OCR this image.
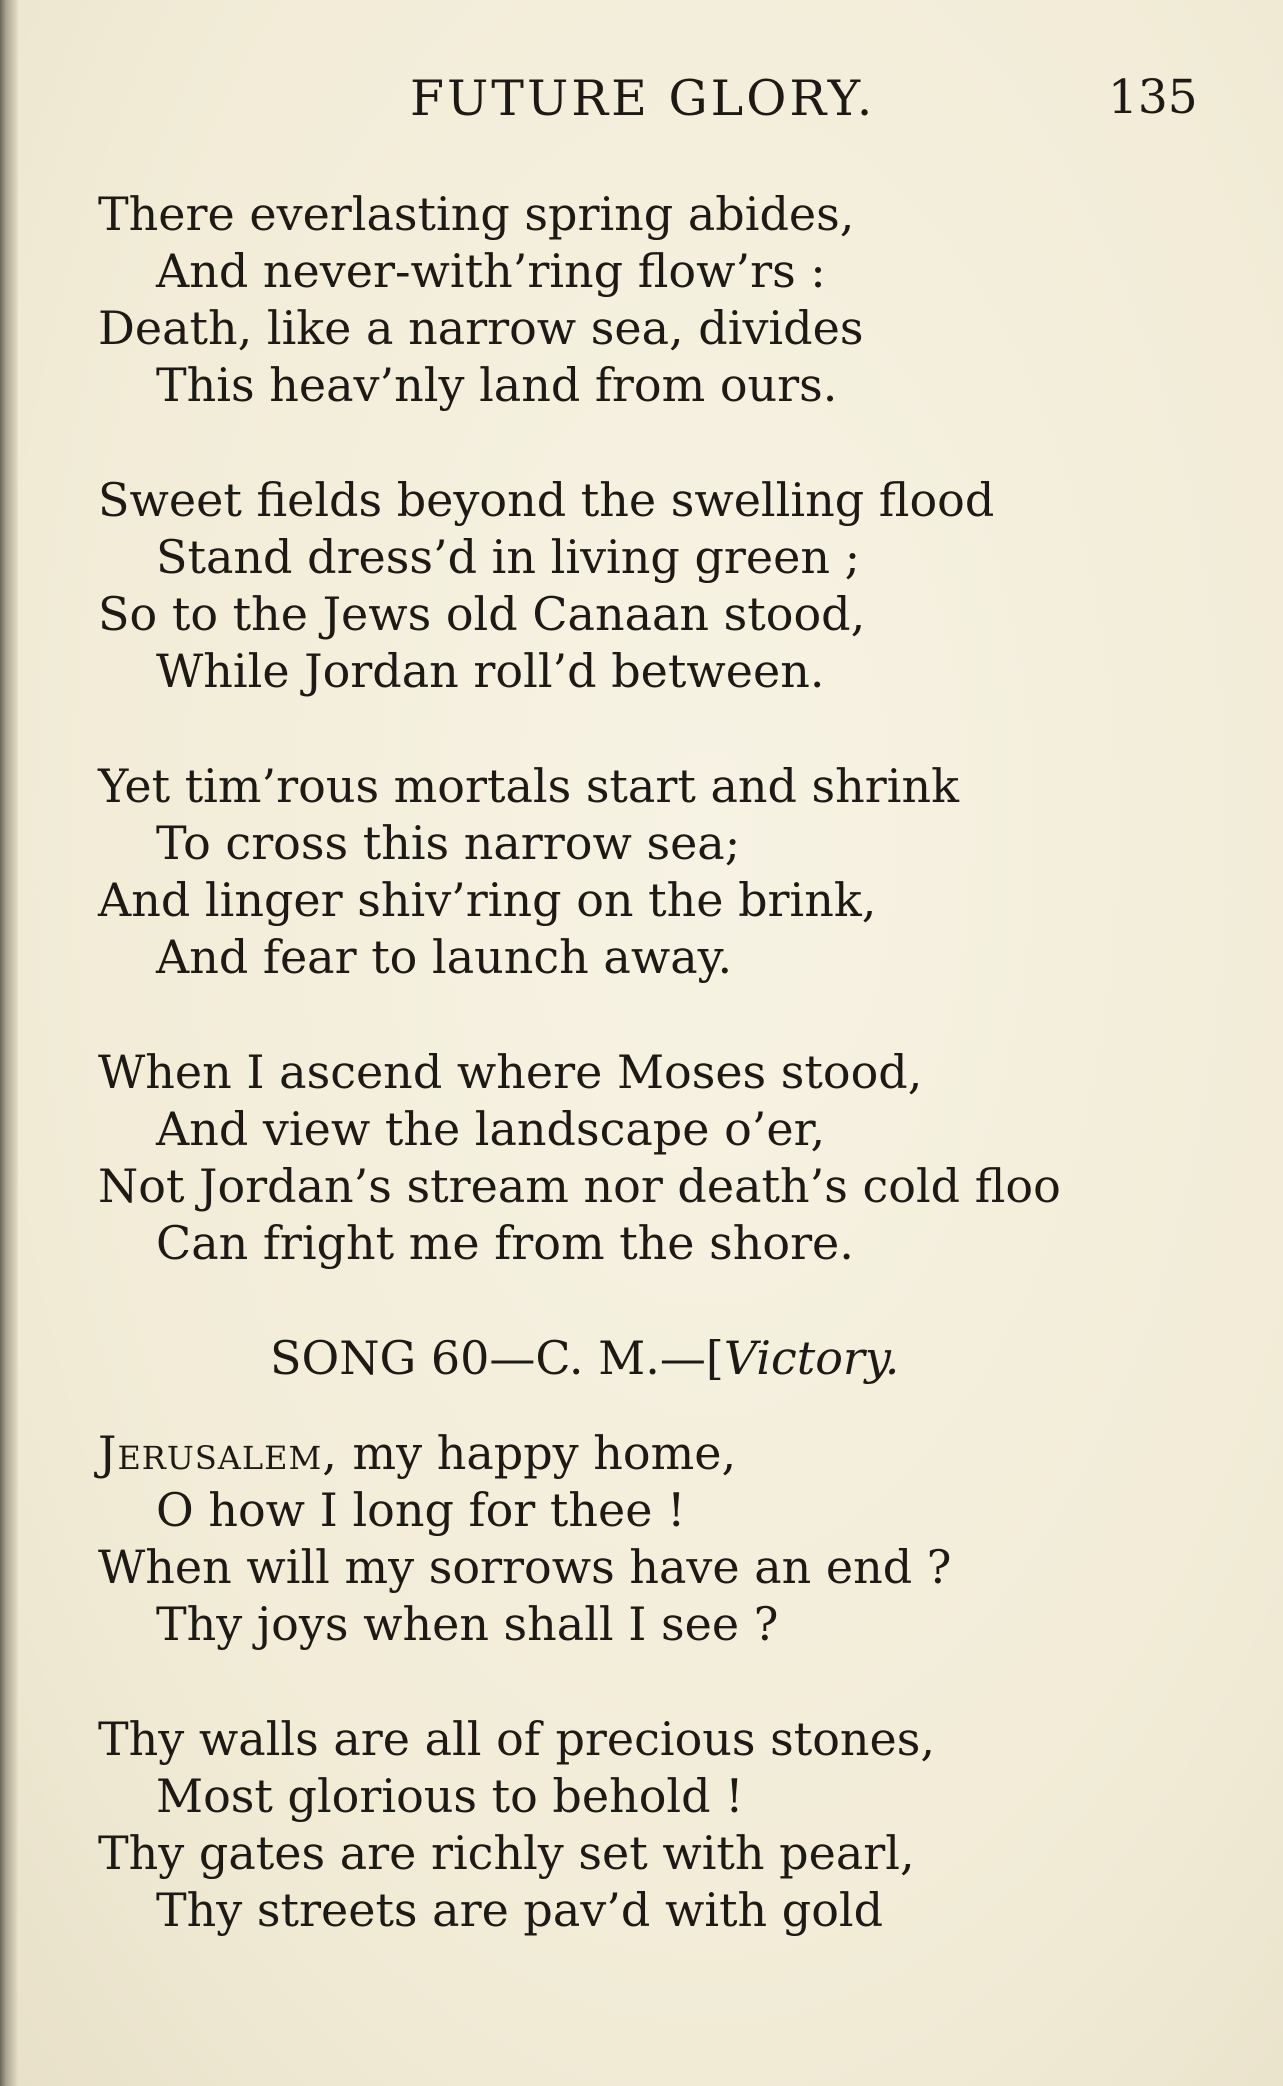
FUTURE GLORY.	135
There everlasting spring abides,
And never-with’ring flow’rs :
Death, like a narrow sea, divides
This heav’nly land from ours.
Sweet fields beyond the swelling flood
Stand dress’d in living green ;
So to the Jews old Canaan stood,
While Jordan roll’d between.
Yet tim’rous mortals start and shrink
To cross this narrow sea;
And linger shiv’ring on the brink,
And fear to launch away.
When I ascend where Moses stood,
And view the landscape o’er,
Not Jordan’s stream nor death’s cold floo
Can fright me from the shore.
SONG 60—C. M.—[Victory.
Jerusalem, my happy home,
O how I long for thee !
When will my sorrows have an end ?
Thy joys when shall I see ?
Thy walls are all of precious stones,
Most glorious to behold !
Thy gates are richly set with pearl,
Thy streets are pav’d with gold
